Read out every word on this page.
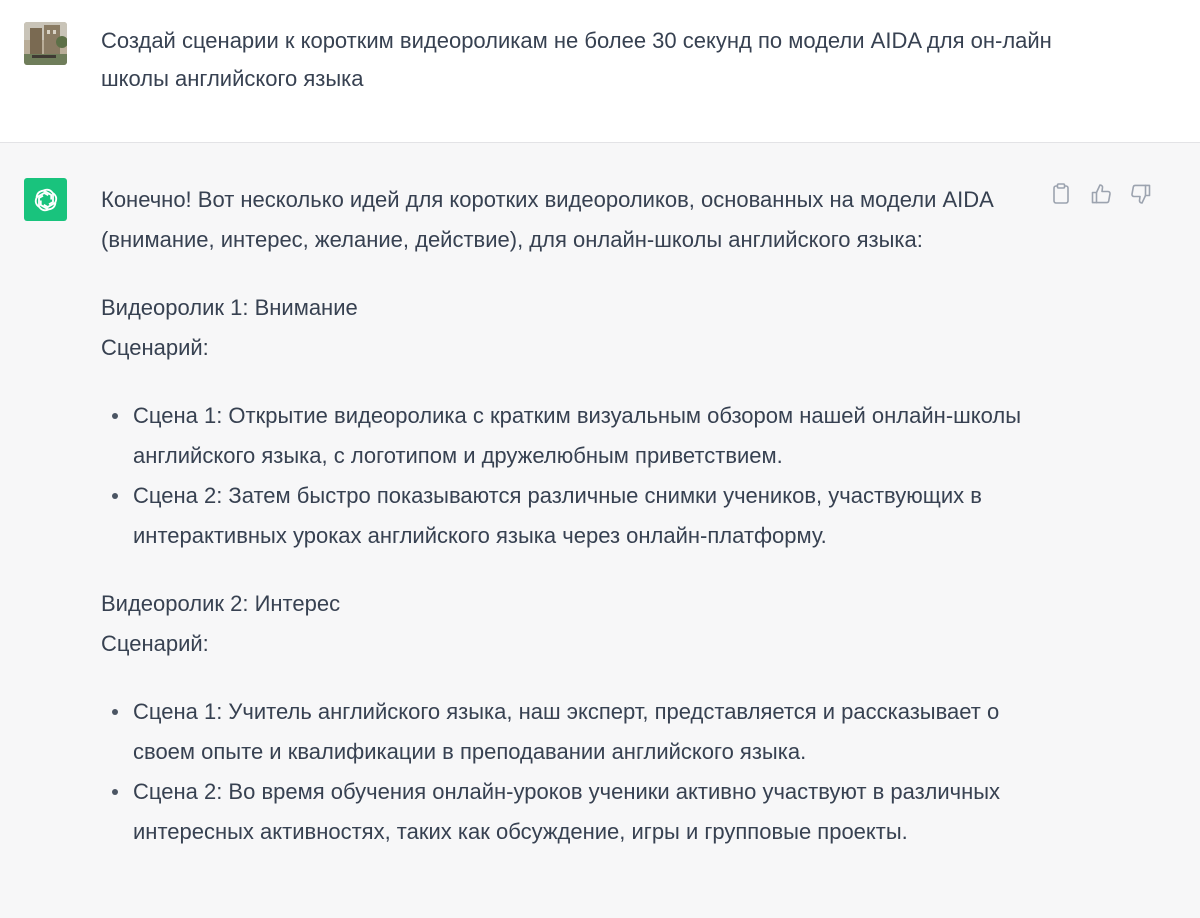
Создай сценарии к коротким видеороликам не более 30 секунд по модели AIDA для он-лайн школы английского языка

Конечно! Вот несколько идей для коротких видеороликов, основанных на модели AIDA (внимание, интерес, желание, действие), для онлайн-школы английского языка:

Видеоролик 1: Внимание

Сценарий:

Сцена 1: Открытие видеоролика с кратким визуальным обзором нашей онлайн-школы английского языка, с логотипом и дружелюбным приветствием.
Сцена 2: Затем быстро показываются различные снимки учеников, участвующих в интерактивных уроках английского языка через онлайн-платформу.

Видеоролик 2: Интерес

Сценарий:

Сцена 1: Учитель английского языка, наш эксперт, представляется и рассказывает о своем опыте и квалификации в преподавании английского языка.
Сцена 2: Во время обучения онлайн-уроков ученики активно участвуют в различных интересных активностях, таких как обсуждение, игры и групповые проекты.
